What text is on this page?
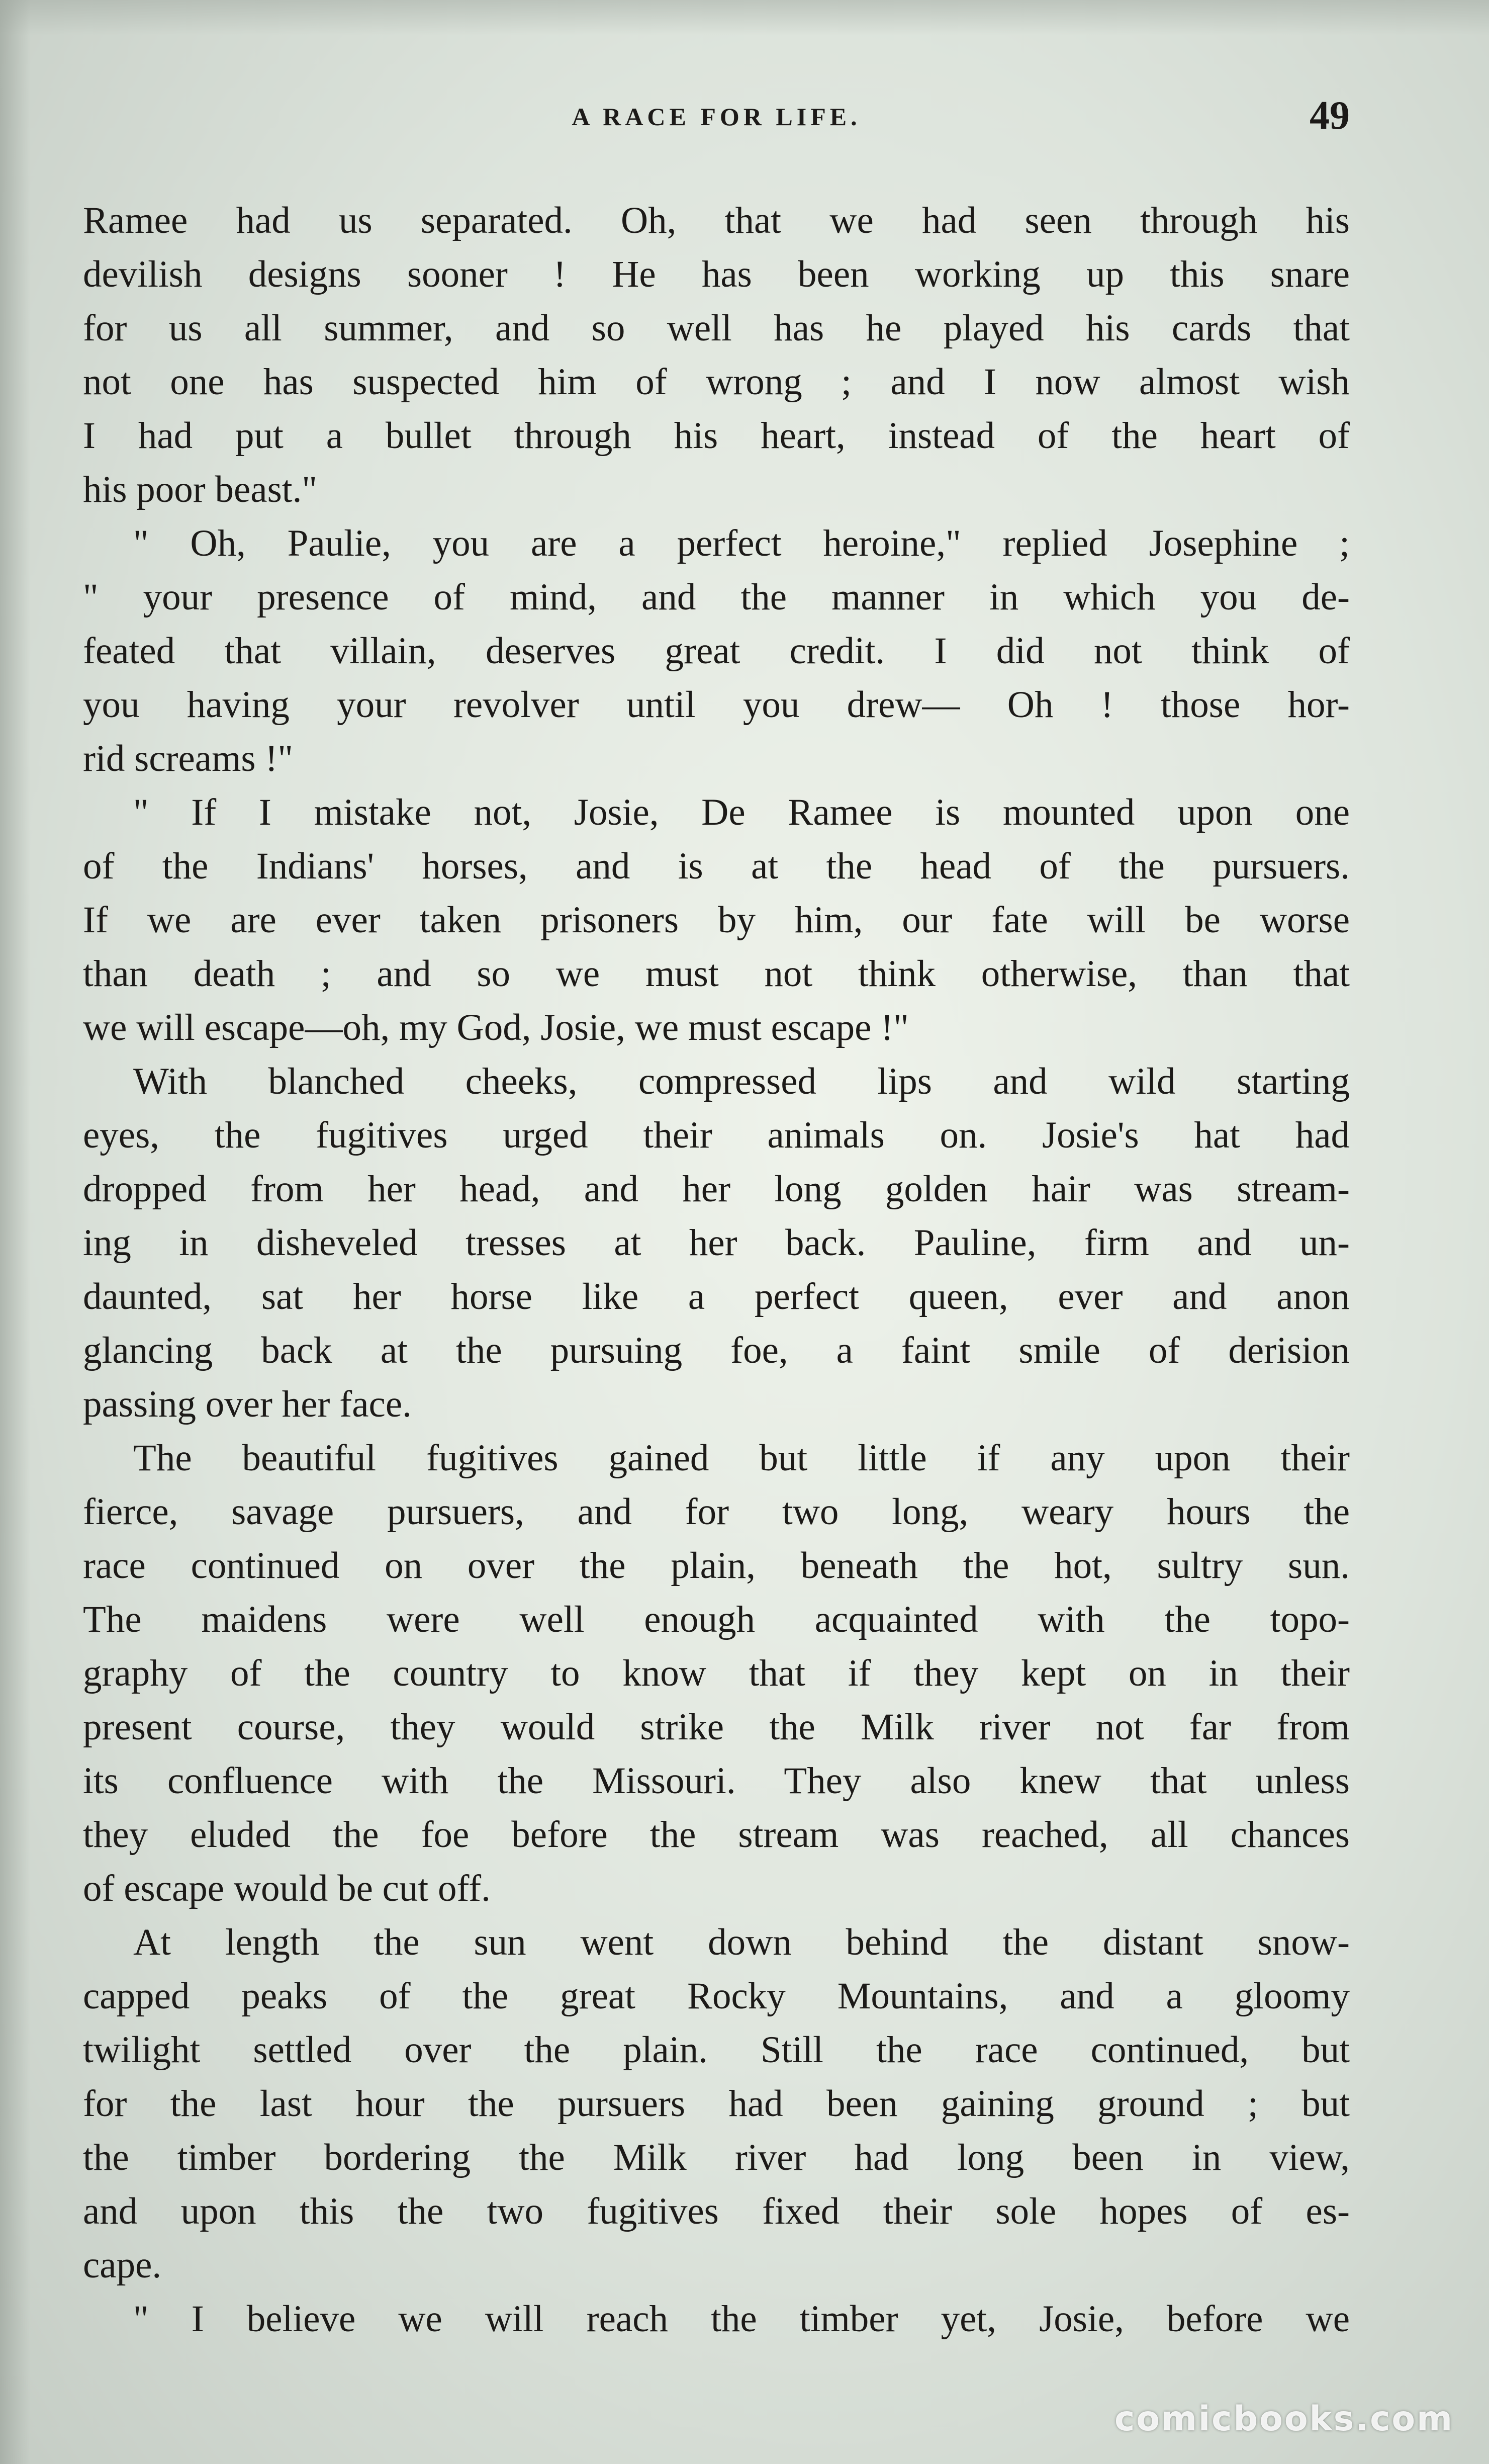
A RACE FOR LIFE.	49
Ramee had us separated. Oh, that we had seen through his
devilish designs sooner ! He has been working up this snare
for us all summer, and so well has he played his cards that
not one has suspected him of wrong ; and I now almost wish
I had put a bullet through his heart, instead of the heart of
his poor beast."
" Oh, Paulie, you are a perfect heroine," replied Josephine ;
" your presence of mind, and the manner in which you de-
feated that villain, deserves great credit. I did not think of
you having your revolver until you drew— Oh ! those hor-
rid screams !"
" If I mistake not, Josie, De Ramee is mounted upon one
of the Indians' horses, and is at the head of the pursuers.
If we are ever taken prisoners by him, our fate will be worse
than death ; and so we must not think otherwise, than that
we will escape—oh, my God, Josie, we must escape !"
With blanched cheeks, compressed lips and wild starting
eyes, the fugitives urged their animals on. Josie's hat had
dropped from her head, and her long golden hair was stream-
ing in disheveled tresses at her back. Pauline, firm and un-
daunted, sat her horse like a perfect queen, ever and anon
glancing back at the pursuing foe, a faint smile of derision
passing over her face.
The beautiful fugitives gained but little if any upon their
fierce, savage pursuers, and for two long, weary hours the
race continued on over the plain, beneath the hot, sultry sun.
The maidens were well enough acquainted with the topo-
graphy of the country to know that if they kept on in their
present course, they would strike the Milk river not far from
its confluence with the Missouri. They also knew that unless
they eluded the foe before the stream was reached, all chances
of escape would be cut off.
At length the sun went down behind the distant snow-
capped peaks of the great Rocky Mountains, and a gloomy
twilight settled over the plain. Still the race continued, but
for the last hour the pursuers had been gaining ground ; but
the timber bordering the Milk river had long been in view,
and upon this the two fugitives fixed their sole hopes of es-
cape.
" I believe we will reach the timber yet, Josie, before we
comicbooks.com
